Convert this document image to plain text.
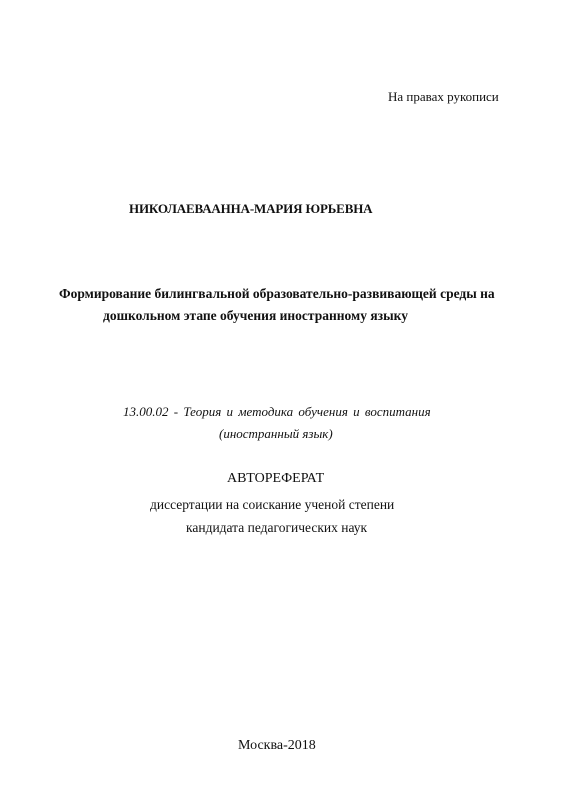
На правах рукописи
НИКОЛАЕВААННА-МАРИЯ ЮРЬЕВНА
Формирование билингвальной образовательно-развивающей среды на
дошкольном этапе обучения иностранному языку
13.00.02 - Теория и методика обучения и воспитания
(иностранный язык)
АВТОРЕФЕРАТ
диссертации на соискание ученой степени
кандидата педагогических наук
Москва-2018
